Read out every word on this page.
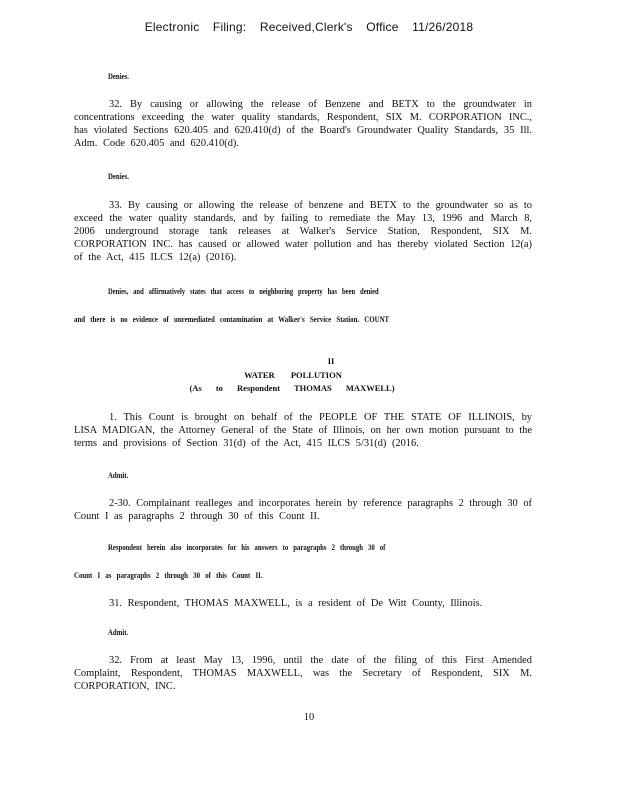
Electronic Filing: Received,Clerk's Office 11/26/2018
Denies.
32. By causing or allowing the release of Benzene and BETX to the groundwater in concentrations exceeding the water quality standards, Respondent, SIX M. CORPORATION INC., has violated Sections 620.405 and 620.410(d) of the Board's Groundwater Quality Standards, 35 Ill. Adm. Code 620.405 and 620.410(d).
Denies.
33. By causing or allowing the release of benzene and BETX to the groundwater so as to exceed the water quality standards, and by failing to remediate the May 13, 1996 and March 8, 2006 underground storage tank releases at Walker's Service Station, Respondent, SIX M. CORPORATION INC. has caused or allowed water pollution and has thereby violated Section 12(a) of the Act, 415 ILCS 12(a) (2016).
Denies,   and   affirmatively   states   that   access   to   neighboring   property   has   been   denied
and   there   is   no   evidence   of   unremediated   contamination   at   Walker's   Service   Station.   COUNT
II
WATER POLLUTION
(As to Respondent THOMAS MAXWELL)
1. This Count is brought on behalf of the PEOPLE OF THE STATE OF ILLINOIS, by LISA MADIGAN, the Attorney General of the State of Illinois, on her own motion pursuant to the terms and provisions of Section 31(d) of the Act, 415 ILCS 5/31(d) (2016.
Admit.
2-30. Complainant realleges and incorporates herein by reference paragraphs 2 through 30 of Count I as paragraphs 2 through 30 of this Count II.
Respondent   herein   also   incorporates   for   his   answers   to   paragraphs   2   through   30   of
Count   I   as   paragraphs   2   through   30   of   this   Count   II.
31. Respondent, THOMAS MAXWELL, is a resident of De Witt County, Illinois.
Admit.
32. From at least May 13, 1996, until the date of the filing of this First Amended Complaint, Respondent, THOMAS MAXWELL, was the Secretary of Respondent, SIX M. CORPORATION, INC.
10
